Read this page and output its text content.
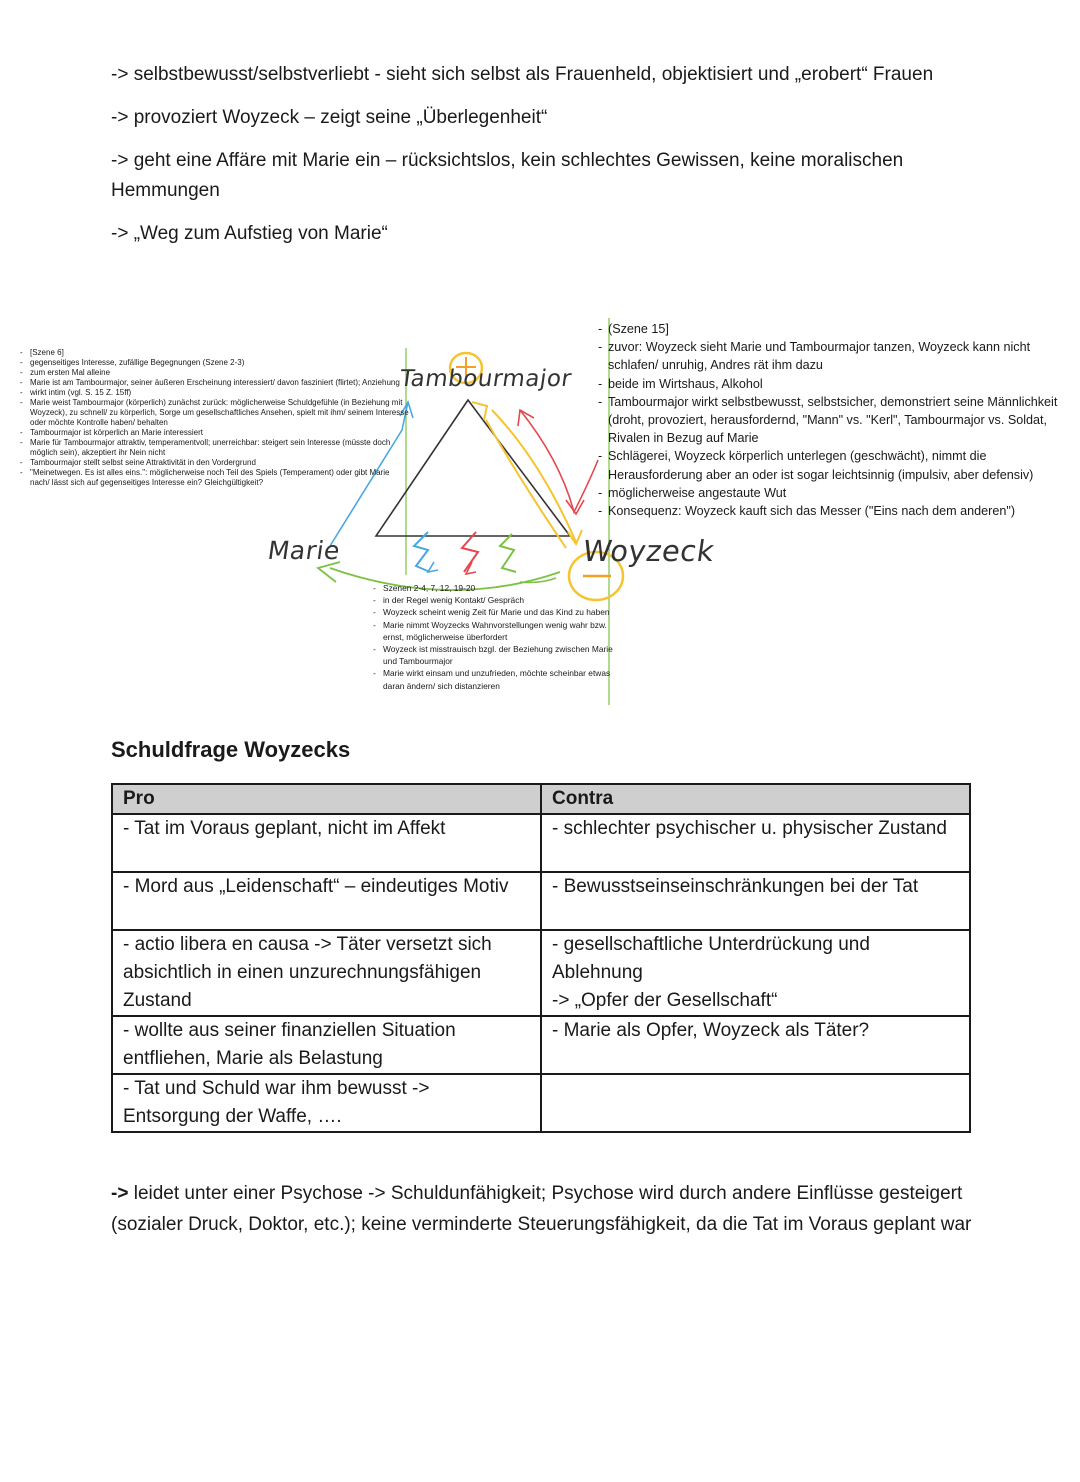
-> selbstbewusst/selbstverliebt - sieht sich selbst als Frauenheld, objektisiert und „erobert“ Frauen

-> provoziert Woyzeck – zeigt seine „Überlegenheit“

-> geht eine Affäre mit Marie ein – rücksichtslos, kein schlechtes Gewissen, keine moralischen Hemmungen

-> „Weg zum Aufstieg von Marie“

Tambourmajor
Marie	Woyzeck
- [Szene 6]
- gegenseitiges Interesse, zufällige Begegnungen (Szene 2-3)
- zum ersten Mal alleine
- Marie ist am Tambourmajor, seiner äußeren Erscheinung interessiert/ davon fasziniert (flirtet); Anziehung
- wirkt intim (vgl. S. 15 Z. 15ff)
- Marie weist Tambourmajor (körperlich) zunächst zurück: möglicherweise Schuldgefühle (in Beziehung mit Woyzeck), zu schnell/ zu körperlich, Sorge um gesellschaftliches Ansehen, spielt mit ihm/ seinem Interesse oder möchte Kontrolle haben/ behalten
- Tambourmajor ist körperlich an Marie interessiert
- Marie für Tambourmajor attraktiv, temperamentvoll; unerreichbar: steigert sein Interesse (müsste doch möglich sein), akzeptiert ihr Nein nicht
- Tambourmajor stellt selbst seine Attraktivität in den Vordergrund
- "Meinetwegen. Es ist alles eins.": möglicherweise noch Teil des Spiels (Temperament) oder gibt Marie nach/ lässt sich auf gegenseitiges Interesse ein? Gleichgültigkeit?
- (Szene 15]
- zuvor: Woyzeck sieht Marie und Tambourmajor tanzen, Woyzeck kann nicht schlafen/ unruhig, Andres rät ihm dazu
- beide im Wirtshaus, Alkohol
- Tambourmajor wirkt selbstbewusst, selbstsicher, demonstriert seine Männlichkeit (droht, provoziert, herausfordernd, "Mann" vs. "Kerl", Tambourmajor vs. Soldat, Rivalen in Bezug auf Marie
- Schlägerei, Woyzeck körperlich unterlegen (geschwächt), nimmt die Herausforderung aber an oder ist sogar leichtsinnig (impulsiv, aber defensiv)
- möglicherweise angestaute Wut
- Konsequenz: Woyzeck kauft sich das Messer ("Eins nach dem anderen")
- Szenen 2-4, 7, 12, 19-20
- in der Regel wenig Kontakt/ Gespräch
- Woyzeck scheint wenig Zeit für Marie und das Kind zu haben
- Marie nimmt Woyzecks Wahnvorstellungen wenig wahr bzw. ernst, möglicherweise überfordert
- Woyzeck ist misstrauisch bzgl. der Beziehung zwischen Marie und Tambourmajor
- Marie wirkt einsam und unzufrieden, möchte scheinbar etwas daran ändern/ sich distanzieren
Schuldfrage Woyzecks
Pro	Contra
- Tat im Voraus geplant, nicht im Affekt	- schlechter psychischer u. physischer Zustand
- Mord aus „Leidenschaft“ – eindeutiges Motiv	- Bewusstseinseinschränkungen bei der Tat
- actio libera en causa -> Täter versetzt sich absichtlich in einen unzurechnungsfähigen Zustand	- gesellschaftliche Unterdrückung und Ablehnung
-> „Opfer der Gesellschaft“
- wollte aus seiner finanziellen Situation entfliehen, Marie als Belastung	- Marie als Opfer, Woyzeck als Täter?
- Tat und Schuld war ihm bewusst -> Entsorgung der Waffe, ….	

-> leidet unter einer Psychose -> Schuldunfähigkeit; Psychose wird durch andere Einflüsse gesteigert (sozialer Druck, Doktor, etc.); keine verminderte Steuerungsfähigkeit, da die Tat im Voraus geplant war
